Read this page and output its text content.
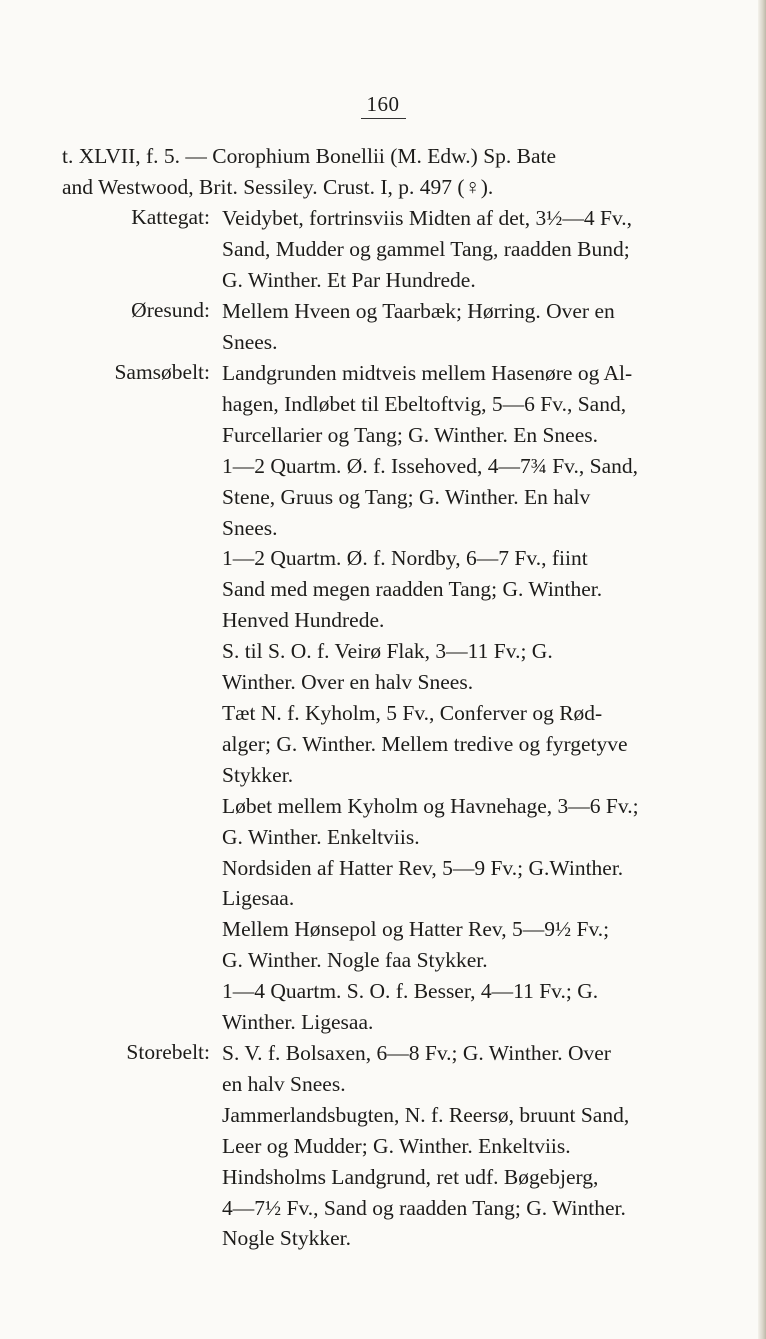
160
t. XLVII, f. 5. — Corophium Bonellii (M. Edw.) Sp. Bate
and Westwood, Brit. Sessiley. Crust. I, p. 497 (♀).
Kattegat: Veidybet, fortrinsviis Midten af det, 3½—4 Fv.,
Sand, Mudder og gammel Tang, raadden Bund;
G. Winther. Et Par Hundrede.
Øresund: Mellem Hveen og Taarbæk; Hørring. Over en
Snees.
Samsøbelt: Landgrunden midtveis mellem Hasenøre og Al-
hagen, Indløbet til Ebeltoftvig, 5—6 Fv., Sand,
Furcellarier og Tang; G. Winther. En Snees.
1—2 Quartm. Ø. f. Issehoved, 4—7¾ Fv., Sand,
Stene, Gruus og Tang; G. Winther. En halv
Snees.
1—2 Quartm. Ø. f. Nordby, 6—7 Fv., fiint
Sand med megen raadden Tang; G. Winther.
Henved Hundrede.
S. til S. O. f. Veirø Flak, 3—11 Fv.; G.
Winther. Over en halv Snees.
Tæt N. f. Kyholm, 5 Fv., Conferver og Rød-
alger; G. Winther. Mellem tredive og fyrgetyve
Stykker.
Løbet mellem Kyholm og Havnehage, 3—6 Fv.;
G. Winther. Enkeltviis.
Nordsiden af Hatter Rev, 5—9 Fv.; G.Winther.
Ligesaa.
Mellem Hønsepol og Hatter Rev, 5—9½ Fv.;
G. Winther. Nogle faa Stykker.
1—4 Quartm. S. O. f. Besser, 4—11 Fv.; G.
Winther. Ligesaa.
Storebelt: S. V. f. Bolsaxen, 6—8 Fv.; G. Winther. Over
en halv Snees.
Jammerlandsbugten, N. f. Reersø, bruunt Sand,
Leer og Mudder; G. Winther. Enkeltviis.
Hindsholms Landgrund, ret udf. Bøgebjerg,
4—7½ Fv., Sand og raadden Tang; G. Winther.
Nogle Stykker.
